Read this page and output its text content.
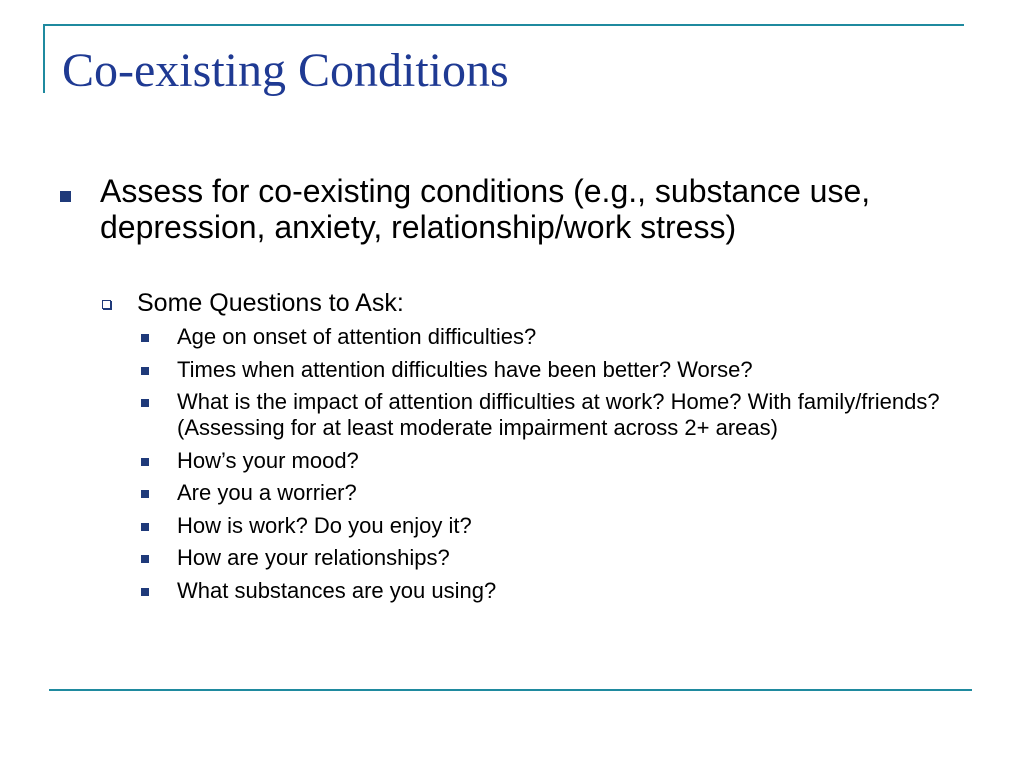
Co-existing Conditions
Assess for co-existing conditions (e.g., substance use, depression, anxiety, relationship/work stress)
Some Questions to Ask:
Age on onset of attention difficulties?
Times when attention difficulties have been better? Worse?
What is the impact of attention difficulties at work? Home? With family/friends? (Assessing for at least moderate impairment across 2+ areas)
How’s your mood?
Are you a worrier?
How is work? Do you enjoy it?
How are your relationships?
What substances are you using?
